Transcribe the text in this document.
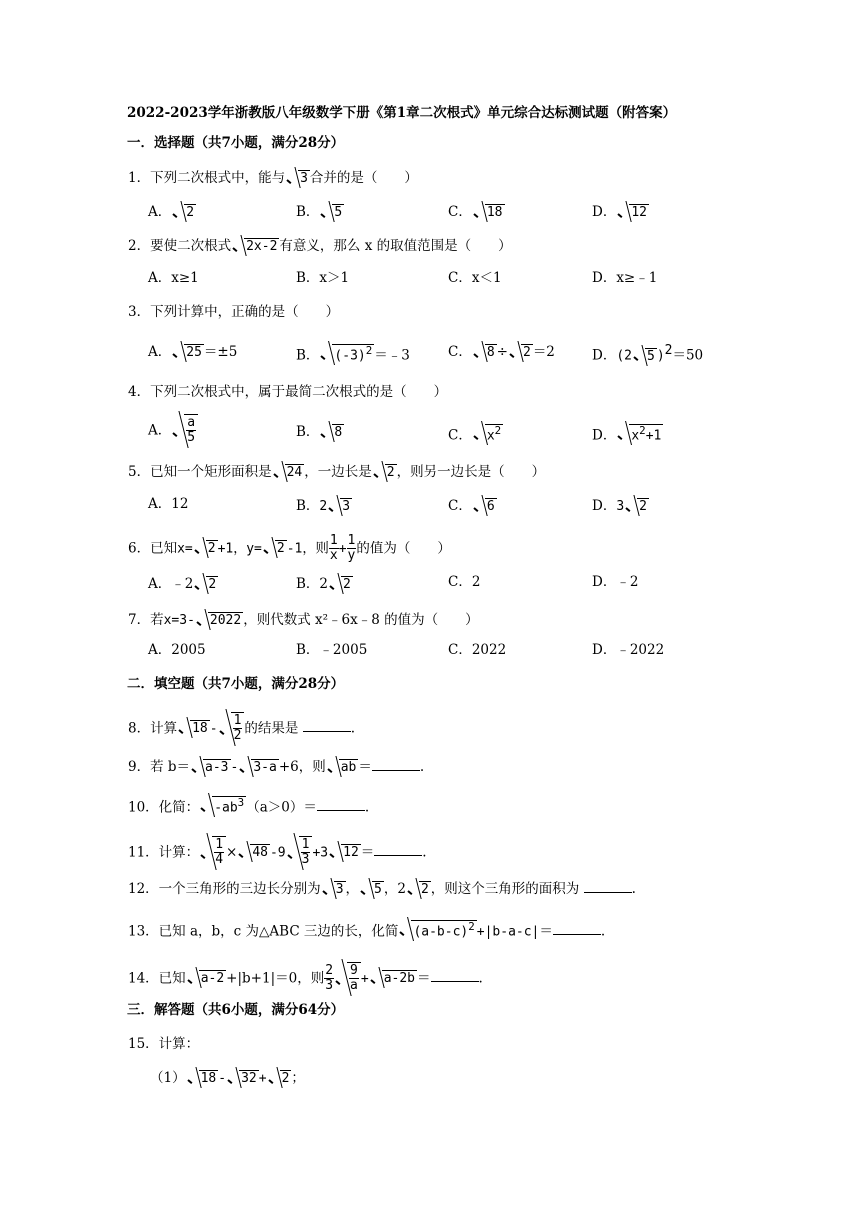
2022-2023学年浙教版八年级数学下册《第1章二次根式》单元综合达标测试题（附答案）
一．选择题（共7小题，满分28分）
1．下列二次根式中，能与 3 合并的是（　　）
A． 2	B． 5	C． 18	D． 12
2．要使二次根式 2x-2 有意义，那么 x 的取值范围是（　　）
A．x≥1	B．x＞1	C．x＜1	D．x≥﹣1
3．下列计算中，正确的是（　　）
A． 25 ＝±5	B． $(-3)^2$ ＝﹣3	C． 8 ÷ 2 ＝2	D．(2 5 )$^2$＝50
4．下列二次根式中，属于最简二次根式的是（　　）
A． $\frac{a}{5}$	B． 8	C． $x^2$	D． $x^2+1$
5．已知一个矩形面积是 24 ，一边长是 2 ，则另一边长是（　　）
A．12	B．2 3	C． 6	D．3 2
6．已知x= 2 +1，y= 2 -1，则 $\frac{1}{x} + \frac{1}{y}$ 的值为（　　）
A．﹣2 2	B．2 2	C．2	D．﹣2
7．若x=3- 2022 ，则代数式 x²﹣6x﹣8 的值为（　　）
A．2005	B．﹣2005	C．2022	D．﹣2022
二．填空题（共7小题，满分28分）
8．计算 $18 - \frac{1}{2}$ 的结果是	.
9．若 b＝ a-3 - 3-a +6，则 ab ＝	.
10．化简： $-ab^3$ （a＞0）＝	.
11．计算： $\frac{1}{4} \times 48$ $-9 \frac{1}{3} +3$ 12 ＝	.
12．一个三角形的三边长分别为 3 ， 5 ，2 2 ，则这个三角形的面积为	.
13．已知 a，b，c 为△ABC 三边的长，化简 $(a-b-c)^2 +|b-a-c|=$	.
14．已知 a-2 +|b+1|＝0，则 $\frac{2}{3} \frac{9}{a} + a-2b$ ＝	.
三．解答题（共6小题，满分64分）
15．计算：
（1） 18 - 32 + 2 ；
